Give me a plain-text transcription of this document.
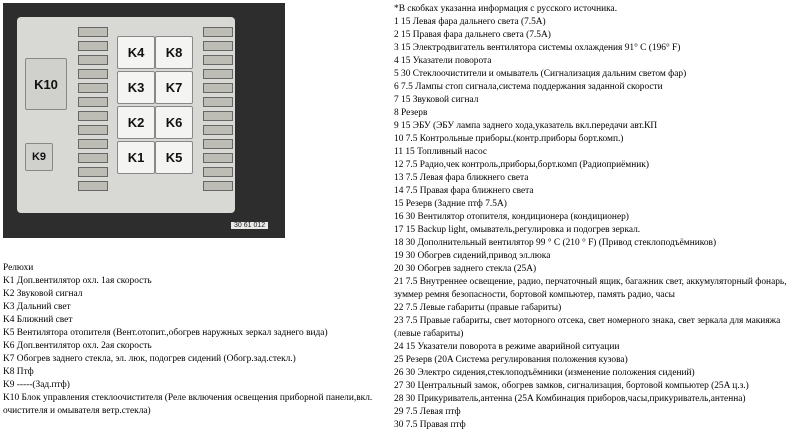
K4	K8
K3	K7
K2	K6
K1	K5
K10
K9
30 61 012
*В скобках указанна информация с русского источника.
1 15 Левая фара дальнего света (7.5A)
2 15 Правая фара дальнего света (7.5A)
3 15 Электродвигатель вентилятора системы охлаждения 91° С (196° F)
4 15 Указатели поворота
5 30 Стеклоочистители и омыватель (Сигнализация дальним светом фар)
6 7.5 Лампы стоп сигнала,система поддержания заданной скорости
7 15 Звуковой сигнал
8 Резерв
9 15 ЭБУ (ЭБУ лампа заднего хода,указатель вкл.передачи авт.КП
10 7.5 Контрольные приборы.(контр.приборы борт.комп.)
11 15 Топливный насос
12 7.5 Радио,чек контроль,приборы,борт.комп (Радиоприёмник)
13 7.5 Левая фара ближнего света
14 7.5 Правая фара ближнего света
15 Резерв (Задние птф 7.5A)
16 30 Вентилятор отопителя, кондиционера (кондиционер)
17 15 Backup light, омыватель,регулировка и подогрев зеркал.
18 30 Дополнительный вентилятор 99 ° С (210 ° F) (Привод стеклоподъёмников)
19 30 Обогрев сидений,привод эл.люка
20 30 Обогрев заднего стекла (25A)
21 7.5 Внутреннее освещение, радио, перчаточный ящик, багажник свет, аккумуляторный фонарь, зуммер ремня безопасности, бортовой компьютер, память радио, часы
22 7.5 Левые габариты (правые габариты)
23 7.5 Правые габариты, свет моторного отсека, свет номерного знака, свет зеркала для макияжа (левые габариты)
24 15 Указатели поворота в режиме аварийной ситуации
25 Резерв (20A Система регулирования положения кузова)
26 30 Электро сидения,стеклоподъёмники (изменение положения сидений)
27 30 Центральный замок, обогрев замков, сигнализация, бортовой компьютер (25A ц.з.)
28 30 Прикуриватель,антенна (25A Комбинация приборов,часы,прикуриватель,антенна)
29 7.5 Левая птф
30 7.5 Правая птф
Релюхи
K1 Доп.вентилятор охл. 1ая скорость
K2 Звуковой сигнал
K3 Дальний свет
K4 Ближний свет
K5 Вентилятора отопителя (Вент.отопит.,обогрев наружных зеркал заднего вида)
K6 Доп.вентилятор охл. 2ая скорость
K7 Обогрев заднего стекла, эл. люк, подогрев сидений (Обогр.зад.стекл.)
K8 Птф
K9 -----(Зад.птф)
K10 Блок управления стеклоочистителя (Реле включения освещения приборной панели,вкл. очистителя и омывателя ветр.стекла)
